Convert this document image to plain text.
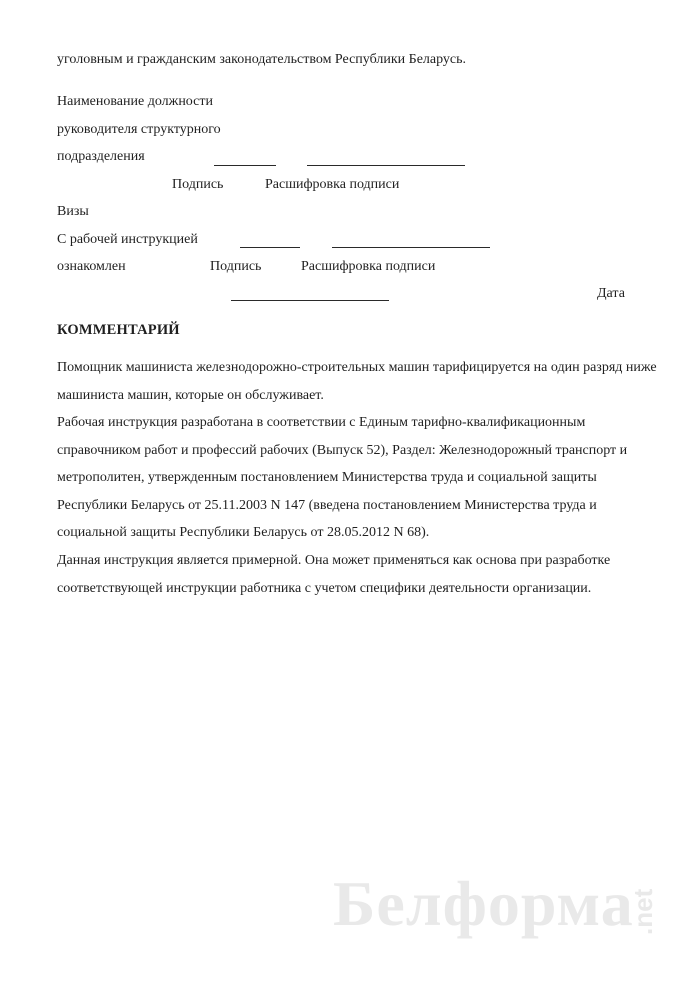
уголовным и гражданским законодательством Республики Беларусь.
Наименование должности
руководителя структурного
подразделения
Подпись	Расшифровка подписи
Визы
С рабочей инструкцией
ознакомлен	Подпись	Расшифровка подписи
Дата
КОММЕНТАРИЙ
Помощник машиниста железнодорожно-строительных машин тарифицируется на один разряд ниже
машиниста машин, которые он обслуживает.
Рабочая инструкция разработана в соответствии с Единым тарифно-квалификационным
справочником работ и профессий рабочих (Выпуск 52), Раздел: Железнодорожный транспорт и
метрополитен, утвержденным постановлением Министерства труда и социальной защиты
Республики Беларусь от 25.11.2003 N 147 (введена постановлением Министерства труда и
социальной защиты Республики Беларусь от 28.05.2012 N 68).
Данная инструкция является примерной. Она может применяться как основа при разработке
соответствующей инструкции работника с учетом специфики деятельности организации.
Белформа
.net
